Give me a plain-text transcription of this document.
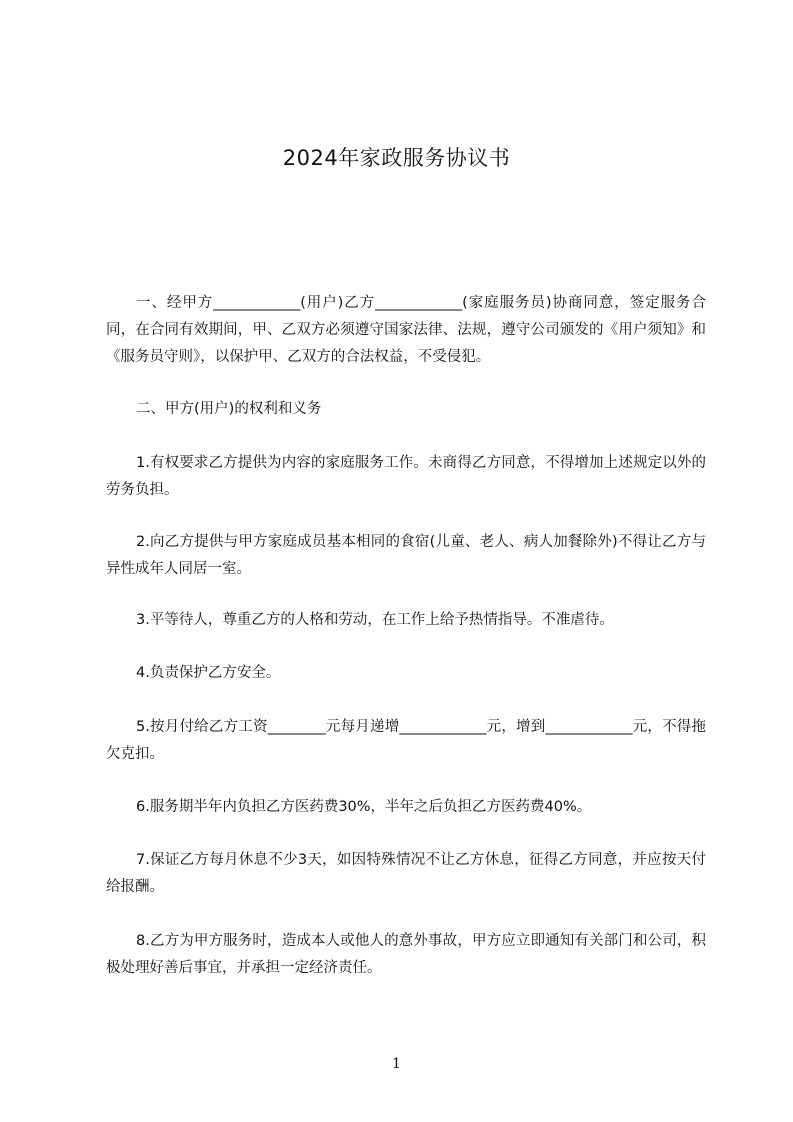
2024年家政服务协议书
一、经甲方____________(用户)乙方____________(家庭服务员)协商同意，签定服务合同，在合同有效期间，甲、乙双方必须遵守国家法律、法规，遵守公司颁发的《用户须知》和《服务员守则》，以保护甲、乙双方的合法权益，不受侵犯。
二、甲方(用户)的权利和义务
1.有权要求乙方提供为内容的家庭服务工作。未商得乙方同意，不得增加上述规定以外的劳务负担。
2.向乙方提供与甲方家庭成员基本相同的食宿(儿童、老人、病人加餐除外)不得让乙方与异性成年人同居一室。
3.平等待人，尊重乙方的人格和劳动，在工作上给予热情指导。不准虐待。
4.负责保护乙方安全。
5.按月付给乙方工资________元每月递增____________元，增到____________元，不得拖欠克扣。
6.服务期半年内负担乙方医药费30%，半年之后负担乙方医药费40%。
7.保证乙方每月休息不少3天，如因特殊情况不让乙方休息，征得乙方同意，并应按天付给报酬。
8.乙方为甲方服务时，造成本人或他人的意外事故，甲方应立即通知有关部门和公司，积极处理好善后事宜，并承担一定经济责任。
1
